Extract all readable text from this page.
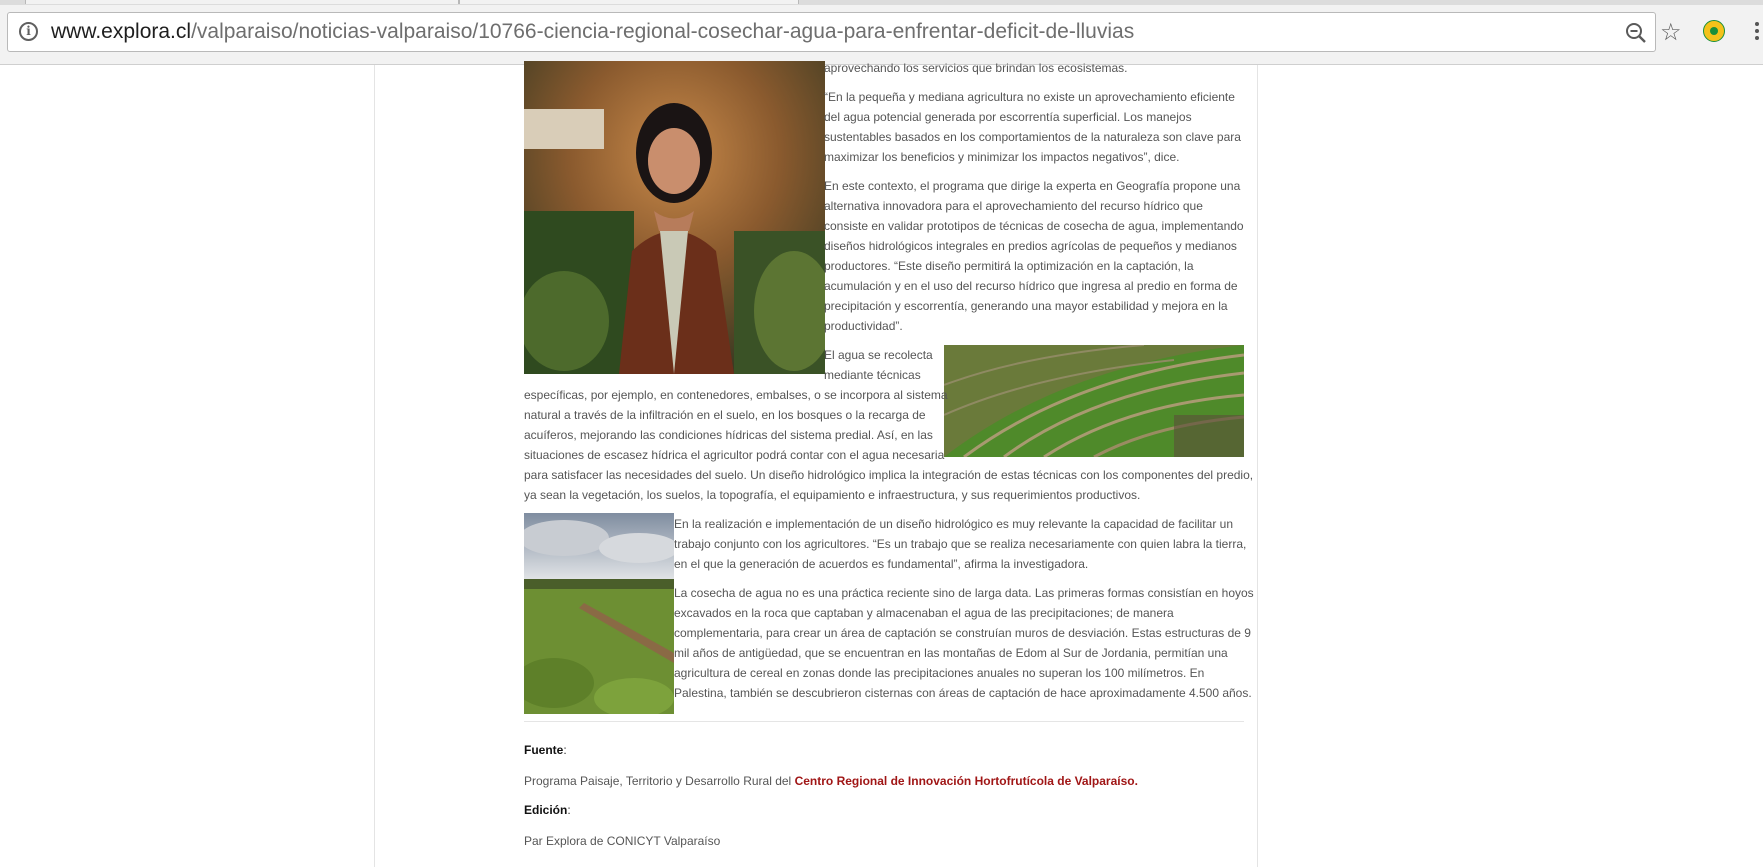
i www.explora.cl/valparaiso/noticias-valparaiso/10766-ciencia-regional-cosechar-agua-para-enfrentar-deficit-de-lluvias	☆

aprovechando los servicios que brindan los ecosistemas.

“En la pequeña y mediana agricultura no existe un aprovechamiento eficiente
del agua potencial generada por escorrentía superficial. Los manejos
sustentables basados en los comportamientos de la naturaleza son clave para
maximizar los beneficios y minimizar los impactos negativos”, dice.

En este contexto, el programa que dirige la experta en Geografía propone una
alternativa innovadora para el aprovechamiento del recurso hídrico que
consiste en validar prototipos de técnicas de cosecha de agua, implementando
diseños hidrológicos integrales en predios agrícolas de pequeños y medianos
productores. “Este diseño permitirá la optimización en la captación, la
acumulación y en el uso del recurso hídrico que ingresa al predio en forma de
precipitación y escorrentía, generando una mayor estabilidad y mejora en la
productividad”.

El agua se recolecta
mediante técnicas

específicas, por ejemplo, en contenedores, embalses, o se incorpora al sistema
natural a través de la infiltración en el suelo, en los bosques o la recarga de
acuíferos, mejorando las condiciones hídricas del sistema predial. Así, en las
situaciones de escasez hídrica el agricultor podrá contar con el agua necesaria

para satisfacer las necesidades del suelo. Un diseño hidrológico implica la integración de estas técnicas con los componentes del predio,
ya sean la vegetación, los suelos, la topografía, el equipamiento e infraestructura, y sus requerimientos productivos.

En la realización e implementación de un diseño hidrológico es muy relevante la capacidad de facilitar un
trabajo conjunto con los agricultores. “Es un trabajo que se realiza necesariamente con quien labra la tierra,
en el que la generación de acuerdos es fundamental”, afirma la investigadora.

La cosecha de agua no es una práctica reciente sino de larga data. Las primeras formas consistían en hoyos
excavados en la roca que captaban y almacenaban el agua de las precipitaciones; de manera
complementaria, para crear un área de captación se construían muros de desviación. Estas estructuras de 9
mil años de antigüedad, que se encuentran en las montañas de Edom al Sur de Jordania, permitían una
agricultura de cereal en zonas donde las precipitaciones anuales no superan los 100 milímetros. En
Palestina, también se descubrieron cisternas con áreas de captación de hace aproximadamente 4.500 años.

Fuente:
Programa Paisaje, Territorio y Desarrollo Rural del Centro Regional de Innovación Hortofrutícola de Valparaíso.
Edición:
Par Explora de CONICYT Valparaíso
